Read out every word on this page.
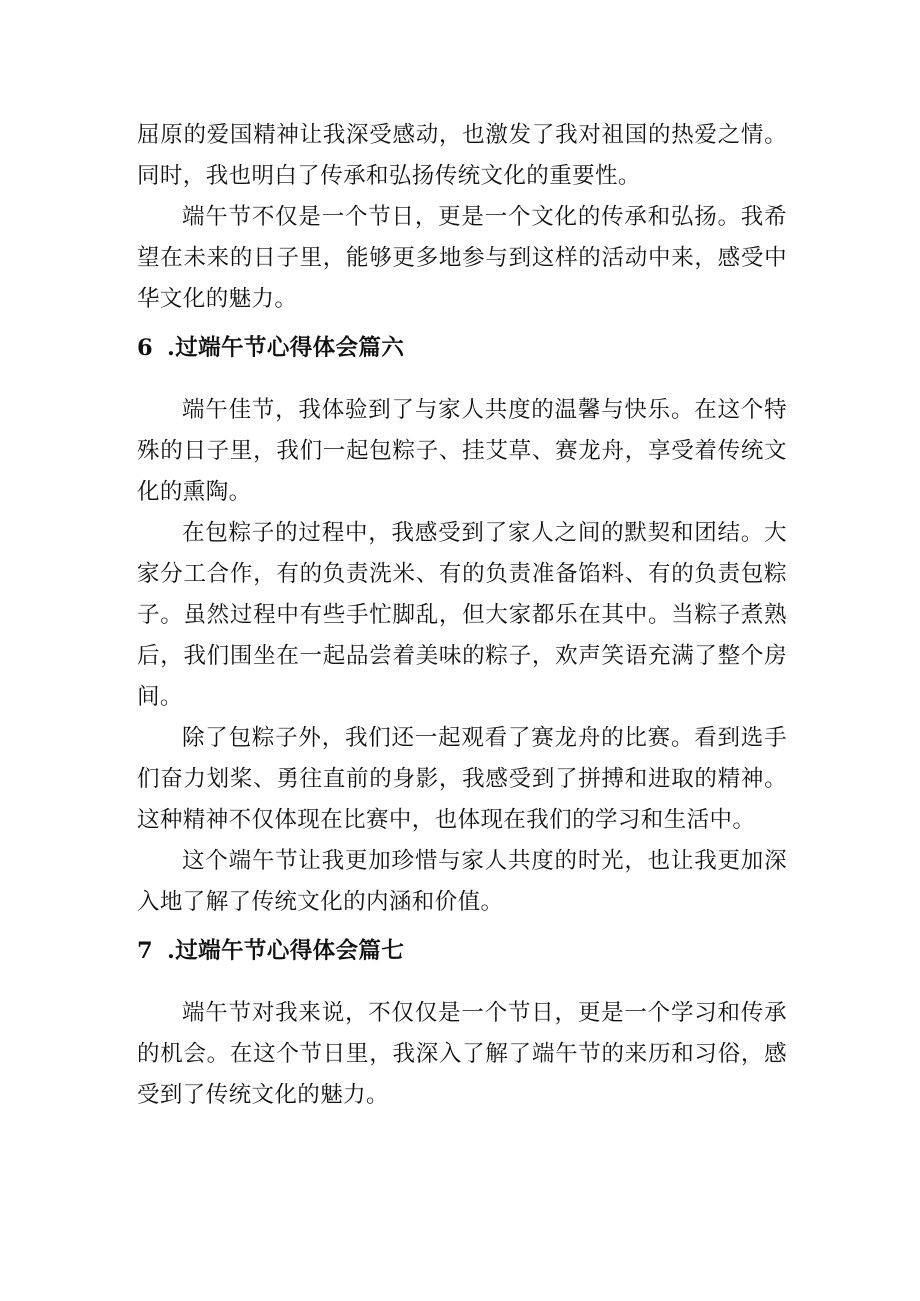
屈原的爱国精神让我深受感动，也激发了我对祖国的热爱之情。同时，我也明白了传承和弘扬传统文化的重要性。

端午节不仅是一个节日，更是一个文化的传承和弘扬。我希望在未来的日子里，能够更多地参与到这样的活动中来，感受中华文化的魅力。

6 .过端午节心得体会篇六

端午佳节，我体验到了与家人共度的温馨与快乐。在这个特殊的日子里，我们一起包粽子、挂艾草、赛龙舟，享受着传统文化的熏陶。

在包粽子的过程中，我感受到了家人之间的默契和团结。大家分工合作，有的负责洗米、有的负责准备馅料、有的负责包粽子。虽然过程中有些手忙脚乱，但大家都乐在其中。当粽子煮熟后，我们围坐在一起品尝着美味的粽子，欢声笑语充满了整个房间。

除了包粽子外，我们还一起观看了赛龙舟的比赛。看到选手们奋力划桨、勇往直前的身影，我感受到了拼搏和进取的精神。这种精神不仅体现在比赛中，也体现在我们的学习和生活中。

这个端午节让我更加珍惜与家人共度的时光，也让我更加深入地了解了传统文化的内涵和价值。

7 .过端午节心得体会篇七

端午节对我来说，不仅仅是一个节日，更是一个学习和传承的机会。在这个节日里，我深入了解了端午节的来历和习俗，感受到了传统文化的魅力。
